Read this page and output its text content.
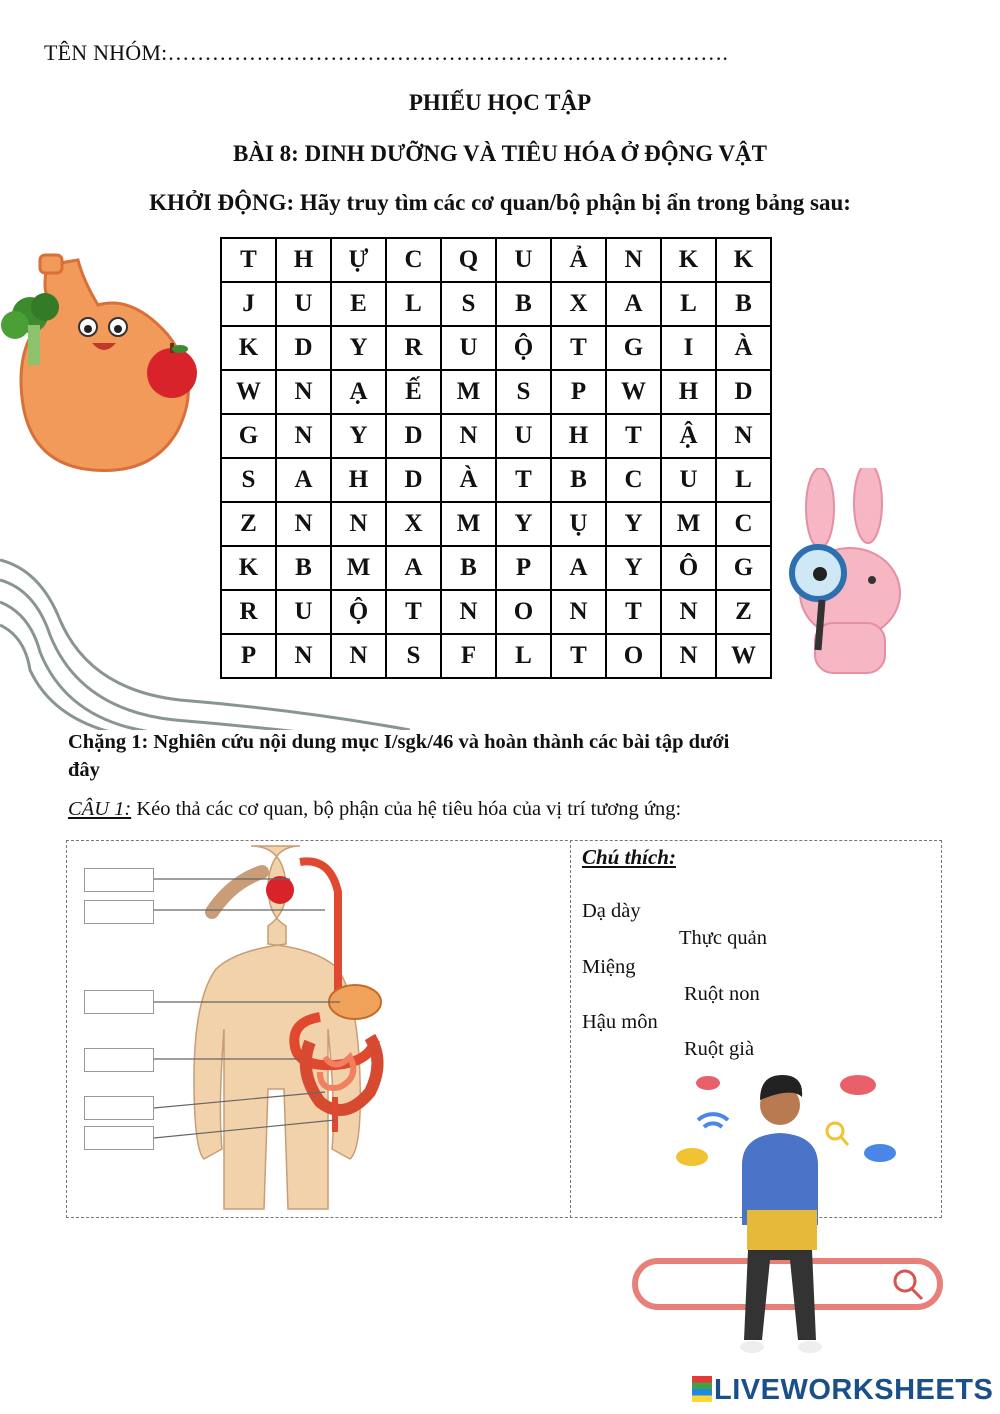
TÊN NHÓM:………………………………………………………………….
PHIẾU HỌC TẬP
BÀI 8: DINH DƯỠNG VÀ TIÊU HÓA Ở ĐỘNG VẬT
KHỞI ĐỘNG: Hãy truy tìm các cơ quan/bộ phận bị ẩn trong bảng sau:
T	H	Ự	C	Q	U	Ả	N	K	K
J	U	E	L	S	B	X	A	L	B
K	D	Y	R	U	Ộ	T	G	I	À
W	N	Ạ	Ế	M	S	P	W	H	D
G	N	Y	D	N	U	H	T	Ậ	N
S	A	H	D	À	T	B	C	U	L
Z	N	N	X	M	Y	Ụ	Y	M	C
K	B	M	A	B	P	A	Y	Ô	G
R	U	Ộ	T	N	O	N	T	N	Z
P	N	N	S	F	L	T	O	N	W
Chặng 1: Nghiên cứu nội dung mục I/sgk/46 và hoàn thành các bài tập dưới
đây
CÂU 1: Kéo thả các cơ quan, bộ phận của hệ tiêu hóa của vị trí tương ứng:
Chú thích:
Dạ dày
Thực quản
Miệng
Ruột non
Hậu môn
Ruột già
LIVEWORKSHEETS
